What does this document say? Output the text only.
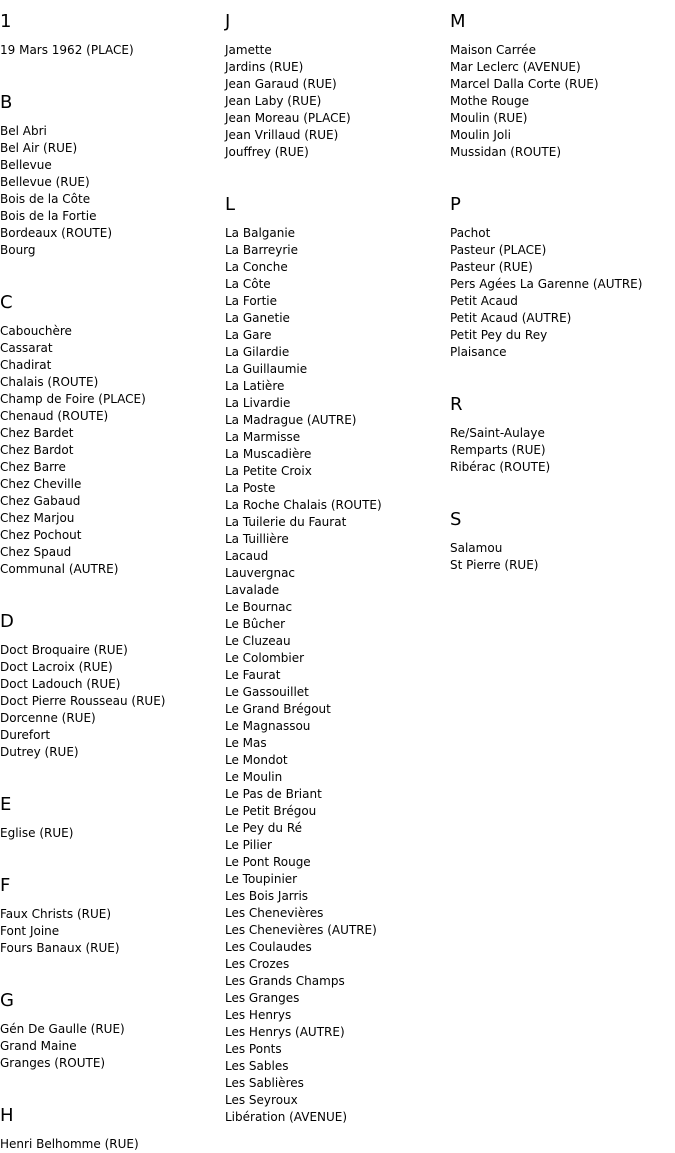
1
19 Mars 1962 (PLACE)
B
Bel Abri
Bel Air (RUE)
Bellevue
Bellevue (RUE)
Bois de la Côte
Bois de la Fortie
Bordeaux (ROUTE)
Bourg
C
Cabouchère
Cassarat
Chadirat
Chalais (ROUTE)
Champ de Foire (PLACE)
Chenaud (ROUTE)
Chez Bardet
Chez Bardot
Chez Barre
Chez Cheville
Chez Gabaud
Chez Marjou
Chez Pochout
Chez Spaud
Communal (AUTRE)
D
Doct Broquaire (RUE)
Doct Lacroix (RUE)
Doct Ladouch (RUE)
Doct Pierre Rousseau (RUE)
Dorcenne (RUE)
Durefort
Dutrey (RUE)
E
Eglise (RUE)
F
Faux Christs (RUE)
Font Joine
Fours Banaux (RUE)
G
Gén De Gaulle (RUE)
Grand Maine
Granges (ROUTE)
H
Henri Belhomme (RUE)
J
Jamette
Jardins (RUE)
Jean Garaud (RUE)
Jean Laby (RUE)
Jean Moreau (PLACE)
Jean Vrillaud (RUE)
Jouffrey (RUE)
L
La Balganie
La Barreyrie
La Conche
La Côte
La Fortie
La Ganetie
La Gare
La Gilardie
La Guillaumie
La Latière
La Livardie
La Madrague (AUTRE)
La Marmisse
La Muscadière
La Petite Croix
La Poste
La Roche Chalais (ROUTE)
La Tuilerie du Faurat
La Tuillière
Lacaud
Lauvergnac
Lavalade
Le Bournac
Le Bûcher
Le Cluzeau
Le Colombier
Le Faurat
Le Gassouillet
Le Grand Brégout
Le Magnassou
Le Mas
Le Mondot
Le Moulin
Le Pas de Briant
Le Petit Brégou
Le Pey du Ré
Le Pilier
Le Pont Rouge
Le Toupinier
Les Bois Jarris
Les Chenevières
Les Chenevières (AUTRE)
Les Coulaudes
Les Crozes
Les Grands Champs
Les Granges
Les Henrys
Les Henrys (AUTRE)
Les Ponts
Les Sables
Les Sablières
Les Seyroux
Libération (AVENUE)
M
Maison Carrée
Mar Leclerc (AVENUE)
Marcel Dalla Corte (RUE)
Mothe Rouge
Moulin (RUE)
Moulin Joli
Mussidan (ROUTE)
P
Pachot
Pasteur (PLACE)
Pasteur (RUE)
Pers Agées La Garenne (AUTRE)
Petit Acaud
Petit Acaud (AUTRE)
Petit Pey du Rey
Plaisance
R
Re/Saint-Aulaye
Remparts (RUE)
Ribérac (ROUTE)
S
Salamou
St Pierre (RUE)
